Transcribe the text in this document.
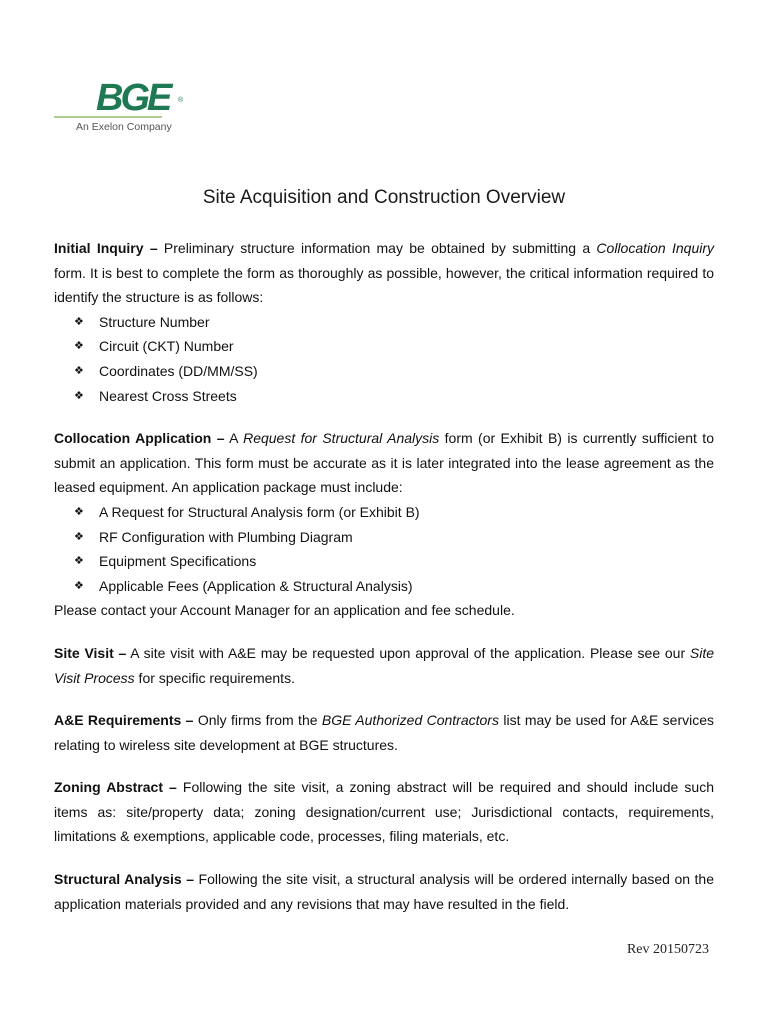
BGE	®
An Exelon Company
Site Acquisition and Construction Overview

Initial Inquiry – Preliminary structure information may be obtained by submitting a Collocation Inquiry form. It is best to complete the form as thoroughly as possible, however, the critical information required to identify the structure is as follows:

❖ Structure Number
❖ Circuit (CKT) Number
❖ Coordinates (DD/MM/SS)
❖ Nearest Cross Streets

Collocation Application – A Request for Structural Analysis form (or Exhibit B) is currently sufficient to submit an application. This form must be accurate as it is later integrated into the lease agreement as the leased equipment. An application package must include:

❖ A Request for Structural Analysis form (or Exhibit B)
❖ RF Configuration with Plumbing Diagram
❖ Equipment Specifications
❖ Applicable Fees (Application & Structural Analysis)

Please contact your Account Manager for an application and fee schedule.

Site Visit – A site visit with A&E may be requested upon approval of the application. Please see our Site Visit Process for specific requirements.

A&E Requirements – Only firms from the BGE Authorized Contractors list may be used for A&E services relating to wireless site development at BGE structures.

Zoning Abstract – Following the site visit, a zoning abstract will be required and should include such items as: site/property data; zoning designation/current use; Jurisdictional contacts, requirements, limitations & exemptions, applicable code, processes, filing materials, etc.

Structural Analysis – Following the site visit, a structural analysis will be ordered internally based on the application materials provided and any revisions that may have resulted in the field.

Rev 20150723
